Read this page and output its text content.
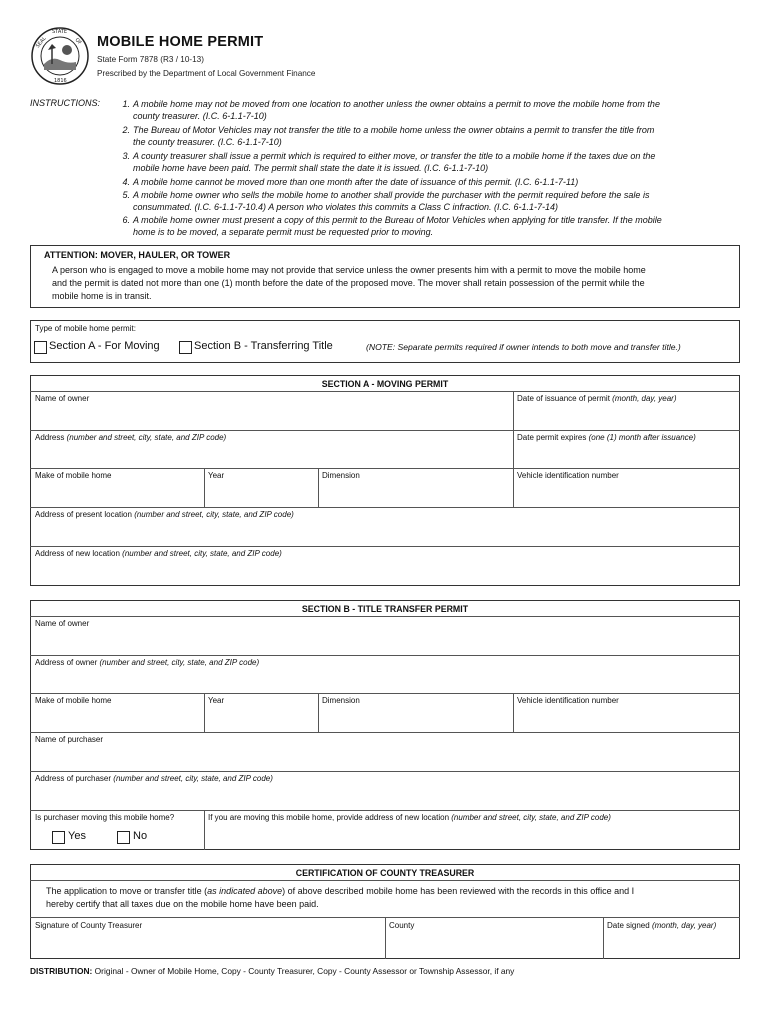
SEAL
STATE
OF
1816
MOBILE HOME PERMIT
State Form 7878 (R3 / 10-13)
Prescribed by the Department of Local Government Finance
INSTRUCTIONS:	1. A mobile home may not be moved from one location to another unless the owner obtains a permit to move the mobile home from the
county treasurer. (I.C. 6-1.1-7-10)
2. The Bureau of Motor Vehicles may not transfer the title to a mobile home unless the owner obtains a permit to transfer the title from
the county treasurer. (I.C. 6-1.1-7-10)
3. A county treasurer shall issue a permit which is required to either move, or transfer the title to a mobile home if the taxes due on the
mobile home have been paid. The permit shall state the date it is issued. (I.C. 6-1.1-7-10)
4. A mobile home cannot be moved more than one month after the date of issuance of this permit. (I.C. 6-1.1-7-11)
5. A mobile home owner who sells the mobile home to another shall provide the purchaser with the permit required before the sale is
consummated. (I.C. 6-1.1-7-10.4) A person who violates this commits a Class C infraction. (I.C. 6-1.1-7-14)
6. A mobile home owner must present a copy of this permit to the Bureau of Motor Vehicles when applying for title transfer. If the mobile
home is to be moved, a separate permit must be requested prior to moving.
ATTENTION: MOVER, HAULER, OR TOWER
A person who is engaged to move a mobile home may not provide that service unless the owner presents him with a permit to move the mobile home
and the permit is dated not more than one (1) month before the date of the proposed move. The mover shall retain possession of the permit while the
mobile home is in transit.
Type of mobile home permit:
Section A - For Moving	Section B - Transferring Title	(NOTE: Separate permits required if owner intends to both move and transfer title.)
SECTION A - MOVING PERMIT
Name of owner	Date of issuance of permit (month, day, year)
Address (number and street, city, state, and ZIP code)	Date permit expires (one (1) month after issuance)
Make of mobile home	Year	Dimension	Vehicle identification number
Address of present location (number and street, city, state, and ZIP code)
Address of new location (number and street, city, state, and ZIP code)
SECTION B - TITLE TRANSFER PERMIT
Name of owner
Address of owner (number and street, city, state, and ZIP code)
Make of mobile home	Year	Dimension	Vehicle identification number
Name of purchaser
Address of purchaser (number and street, city, state, and ZIP code)
Is purchaser moving this mobile home?
Yes	No
If you are moving this mobile home, provide address of new location (number and street, city, state, and ZIP code)
CERTIFICATION OF COUNTY TREASURER
The application to move or transfer title (as indicated above) of above described mobile home has been reviewed with the records in this office and I
hereby certify that all taxes due on the mobile home have been paid.
Signature of County Treasurer	County	Date signed (month, day, year)
DISTRIBUTION: Original - Owner of Mobile Home, Copy - County Treasurer, Copy - County Assessor or Township Assessor, if any
